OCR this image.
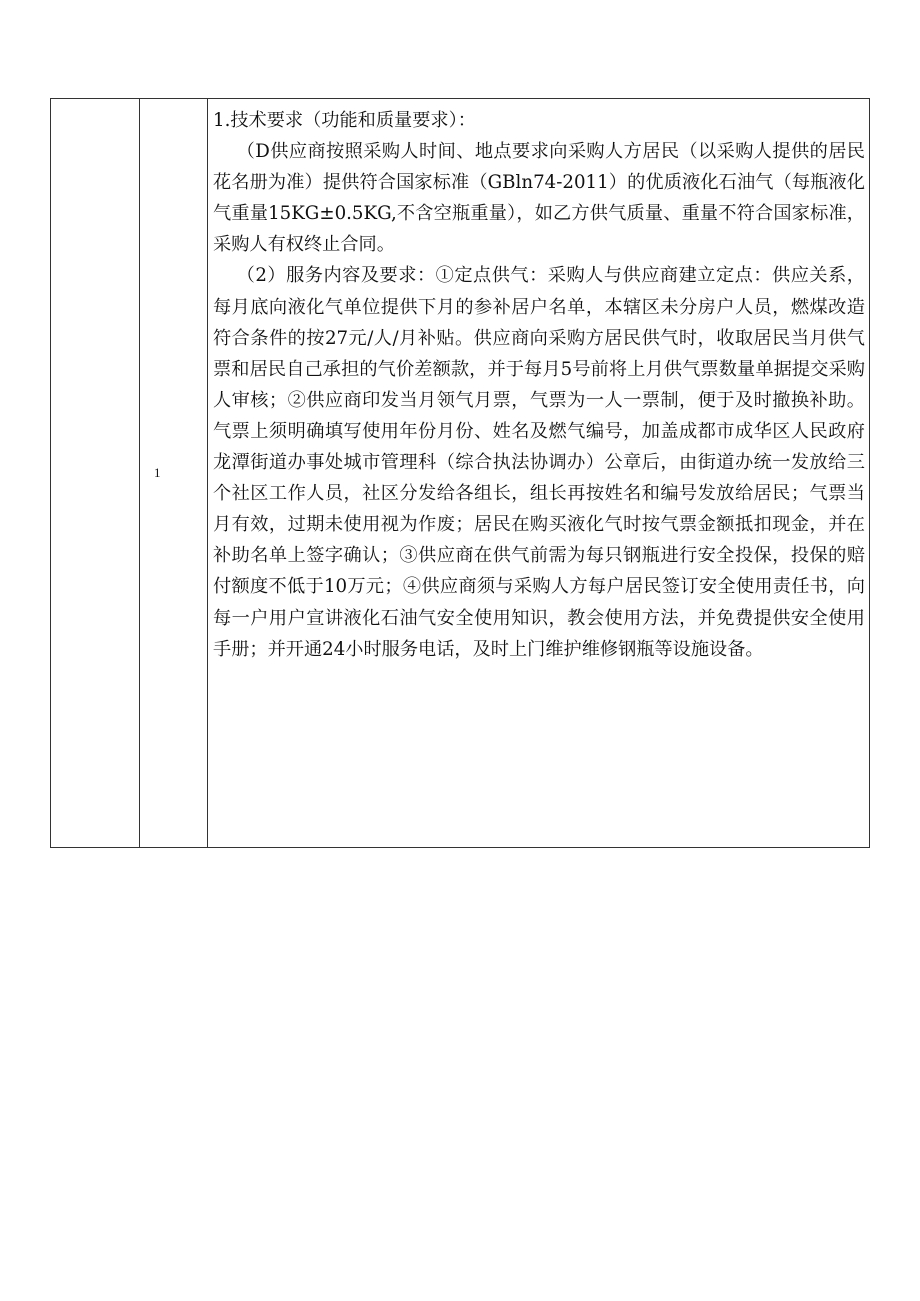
	1	

1.技术要求（功能和质量要求）：

（D供应商按照采购人时间、地点要求向采购人方居民（以采购人提供的居民花名册为准）提供符合国家标准（GBln74-2011）的优质液化石油气（每瓶液化气重量15KG±0.5KG,不含空瓶重量），如乙方供气质量、重量不符合国家标准，采购人有权终止合同。

（2）服务内容及要求：①定点供气：采购人与供应商建立定点：供应关系，每月底向液化气单位提供下月的参补居户名单，本辖区未分房户人员，燃煤改造符合条件的按27元/人/月补贴。供应商向采购方居民供气时，收取居民当月供气票和居民自己承担的气价差额款，并于每月5号前将上月供气票数量单据提交采购人审核；②供应商印发当月领气月票，气票为一人一票制，便于及时撤换补助。气票上须明确填写使用年份月份、姓名及燃气编号，加盖成都市成华区人民政府龙潭街道办事处城市管理科（综合执法协调办）公章后，由街道办统一发放给三个社区工作人员，社区分发给各组长，组长再按姓名和编号发放给居民；气票当月有效，过期未使用视为作废；居民在购买液化气时按气票金额抵扣现金，并在补助名单上签字确认；③供应商在供气前需为每只钢瓶进行安全投保，投保的赔付额度不低于10万元；④供应商须与采购人方每户居民签订安全使用责任书，向每一户用户宣讲液化石油气安全使用知识，教会使用方法，并免费提供安全使用手册；并开通24小时服务电话，及时上门维护维修钢瓶等设施设备。
